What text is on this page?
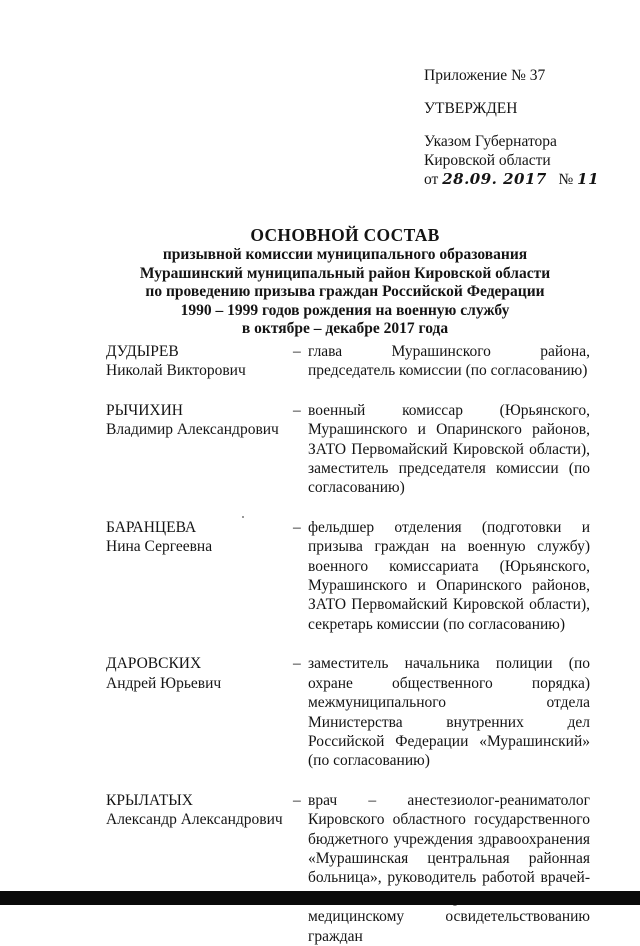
Приложение № 37
УТВЕРЖДЕН
Указом Губернатора
Кировской области
от 28.09. 2017 № 11
ОСНОВНОЙ СОСТАВ
призывной комиссии муниципального образования
Мурашинский муниципальный район Кировской области
по проведению призыва граждан Российской Федерации
1990 – 1999 годов рождения на военную службу
в октябре – декабре 2017 года
ДУДЫРЕВ
Николай Викторович
– глава Мурашинского района, председатель комиссии (по согласованию)
РЫЧИХИН
Владимир Александрович
– военный комиссар (Юрьянского, Мурашинского и Опаринского районов, ЗАТО Первомайский Кировской области), заместитель председателя комиссии (по согласованию)
БАРАНЦЕВА
Нина Сергеевна
– фельдшер отделения (подготовки и призыва граждан на военную службу) военного комиссариата (Юрьянского, Мурашинского и Опаринского районов, ЗАТО Первомайский Кировской области), секретарь комиссии (по согласованию)
ДАРОВСКИХ
Андрей Юрьевич
– заместитель начальника полиции (по охране общественного порядка) межмуниципального отдела Министерства внутренних дел Российской Федерации «Мурашинский» (по согласованию)
КРЫЛАТЫХ
Александр Александрович
– врач – анестезиолог-реаниматолог Кировского областного государственного бюджетного учреждения здравоохранения «Мурашинская центральная районная больница», руководитель работой врачей- медицинскому освидетельствованию граждан
